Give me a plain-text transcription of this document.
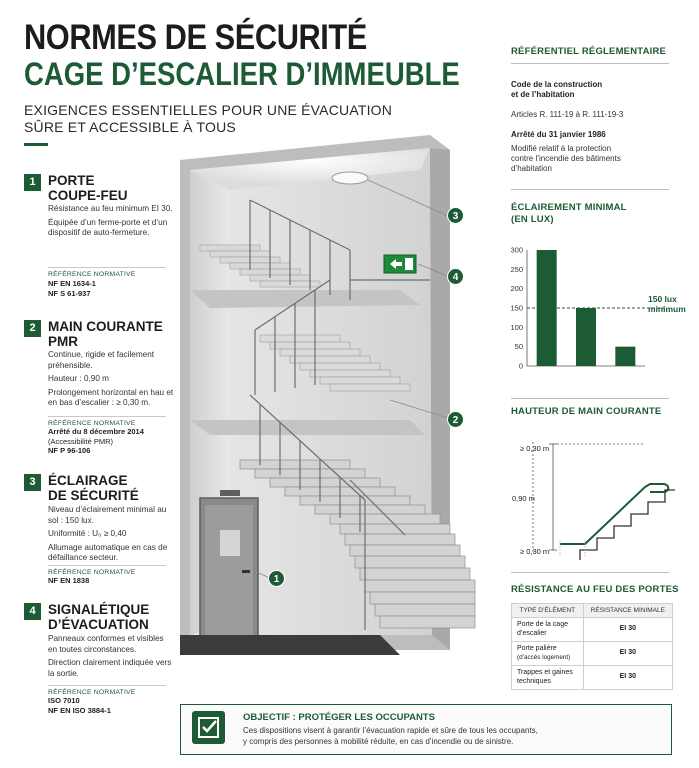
NORMES DE SÉCURITÉ
CAGE D’ESCALIER D’IMMEUBLE
EXIGENCES ESSENTIELLES POUR UNE ÉVACUATION
SÛRE ET ACCESSIBLE À TOUS
1 PORTE
COUPE-FEU

Résistance au feu minimum EI 30.

Équipée d’un ferme-porte et d’un dispositif de auto-fermeture.

RÉFÉRENCE NORMATIVE
NF EN 1634-1
NF S 61-937
2 MAIN COURANTE
PMR

Continue, rigide et facilement préhensible.

Hauteur : 0,90 m

Prolongement horizontal en hau et en bas d’escalier : ≥ 0,30 m.

RÉFÉRENCE NORMATIVE
Arrêté du 8 décembre 2014
(Accessibilité PMR)
NF P 96-106
3 ÉCLAIRAGE
DE SÉCURITÉ

Niveau d’éclairement minimal au sol : 150 lux.

Uniformité : U₀ ≥ 0,40

Allumage automatique en cas de défaillance secteur.

RÉFÉRENCE NORMATIVE
NF EN 1838
4 SIGNALÉTIQUE
D’ÉVACUATION

Panneaux conformes et visibles en toutes circonstances.

Direction clairement indiquée vers la sortie.

RÉFÉRENCE NORMATIVE
ISO 7010
NF EN ISO 3884-1
3
4
2
1
RÉFÉRENTIEL RÉGLEMENTAIRE
Code de la construction
et de l’habitation
Articles R. 111-19 à R. 111-19-3
Arrêté du 31 janvier 1986
Modifié relatif à la protection
contre l’incendie des bâtiments
d’habitation
ÉCLAIREMENT MINIMAL
(EN LUX)
0
50
100
150
200
250
300
150 lux
minimum
HAUTEUR DE MAIN COURANTE
≥ 0,30 m
0,90 m
≥ 0,30 m
RÉSISTANCE AU FEU DES PORTES
TYPE D’ÉLÉMENT	RÉSISTANCE MINIMALE

Porte de la cage
d’escalier	EI 30

Porte palière
(d’accès logement)	EI 30

Trappes et gaines
techniques	EI 30
OBJECTIF : PROTÉGER LES OCCUPANTS
Ces dispositions visent à garantir l’évacuation rapide et sûre de tous les occupants,
y compris des personnes à mobilité réduite, en cas d’incendie ou de sinistre.
